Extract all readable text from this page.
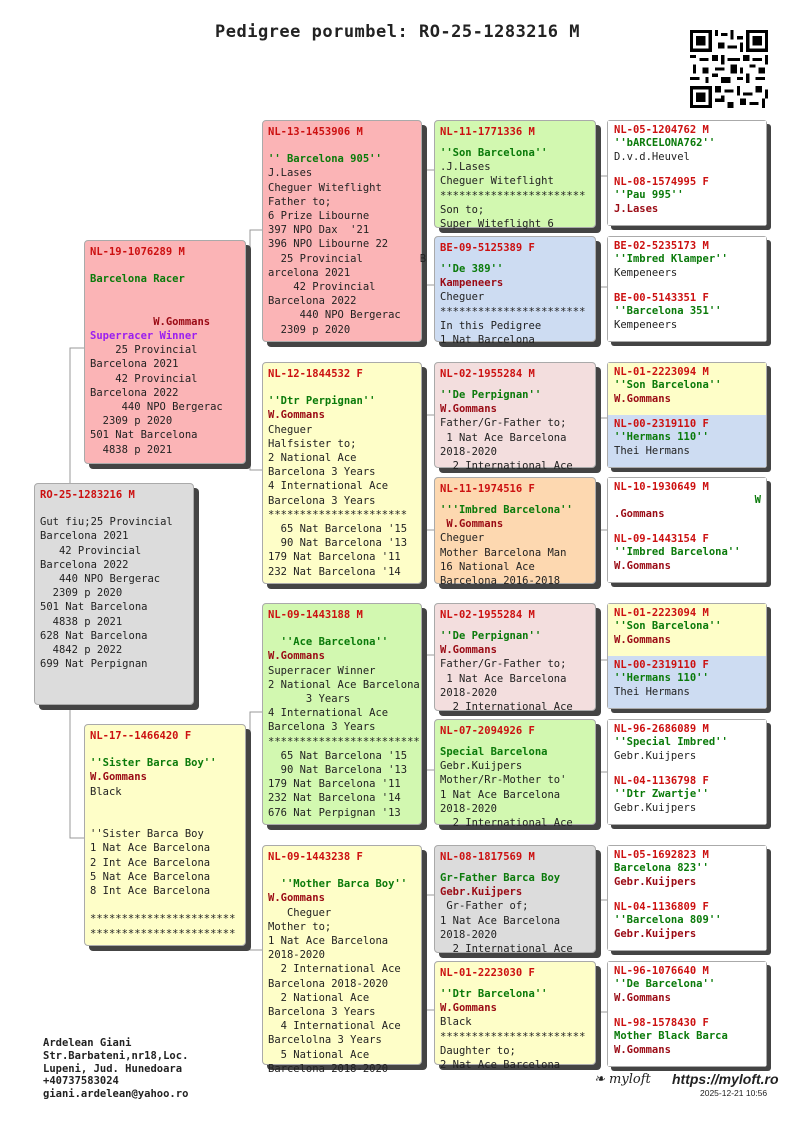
Pedigree porumbel: RO-25-1283216 M
RO-25-1283216 M

Gut fiu;25 Provincial
Barcelona 2021
42 Provincial
Barcelona 2022
440 NPO Bergerac
2309 p 2020
501 Nat Barcelona
4838 p 2021
628 Nat Barcelona
4842 p 2022
699 Nat Perpignan
NL-19-1076289 M

Barcelona Racer

W.Gommans
Superracer Winner
25 Provincial
Barcelona 2021
42 Provincial
Barcelona 2022
440 NPO Bergerac
2309 p 2020
501 Nat Barcelona
4838 p 2021
NL-17--1466420 F

''Sister Barca Boy''
W.Gommans
Black

''Sister Barca Boy
1 Nat Ace Barcelona
2 Int Ace Barcelona
5 Nat Ace Barcelona
8 Int Ace Barcelona

***********************
***********************
NL-13-1453906 M

'' Barcelona 905''
J.Lases
Cheguer Witeflight
Father to;
6 Prize Libourne
397 NPO Dax  '21
396 NPO Libourne 22
25 Provincial         B
arcelona 2021
42 Provincial
Barcelona 2022
440 NPO Bergerac
2309 p 2020
NL-12-1844532 F

''Dtr Perpignan''
W.Gommans
Cheguer
Halfsister to;
2 National Ace
Barcelona 3 Years
4 International Ace
Barcelona 3 Years
**********************
65 Nat Barcelona '15
90 Nat Barcelona '13
179 Nat Barcelona '11
232 Nat Barcelona '14
NL-09-1443188 M

''Ace Barcelona''
W.Gommans
Superracer Winner
2 National Ace Barcelona
3 Years
4 International Ace
Barcelona 3 Years
************************
65 Nat Barcelona '15
90 Nat Barcelona '13
179 Nat Barcelona '11
232 Nat Barcelona '14
676 Nat Perpignan '13
NL-09-1443238 F

''Mother Barca Boy''
W.Gommans
Cheguer
Mother to;
1 Nat Ace Barcelona
2018-2020
2 International Ace
Barcelona 2018-2020
2 National Ace
Barcelona 3 Years
4 International Ace
Barcelolna 3 Years
5 National Ace
Barcelona 2018-2020
NL-11-1771336 M

''Son Barcelona''
.J.Lases
Cheguer Witeflight
***********************
Son to;
Super Witeflight 6
BE-09-5125389 F

''De 389''
Kampeneers
Cheguer
***********************
In this Pedigree
1 Nat Barcelona
NL-02-1955284 M

''De Perpignan''
W.Gommans
Father/Gr-Father to;
1 Nat Ace Barcelona
2018-2020
2 International Ace
NL-11-1974516 F

'''Imbred Barcelona''
W.Gommans
Cheguer
Mother Barcelona Man
16 National Ace
Barcelona 2016-2018
NL-02-1955284 M

''De Perpignan''
W.Gommans
Father/Gr-Father to;
1 Nat Ace Barcelona
2018-2020
2 International Ace
NL-07-2094926 F

Special Barcelona
Gebr.Kuijpers
Mother/Rr-Mother to'
1 Nat Ace Barcelona
2018-2020
2 International Ace
NL-08-1817569 M

Gr-Father Barca Boy
Gebr.Kuijpers
Gr-Father of;
1 Nat Ace Barcelona
2018-2020
2 International Ace
NL-01-2223030 F

''Dtr Barcelona''
W.Gommans
Black
***********************
Daughter to;
2 Nat Ace Barcelona
NL-05-1204762 M
''bARCELONA762''
D.v.d.Heuvel
NL-08-1574995 F
''Pau 995''
J.Lases
BE-02-5235173 M
''Imbred Klamper''
Kempeneers
BE-00-5143351 F
''Barcelona 351''
Kempeneers
NL-01-2223094 M
''Son Barcelona''
W.Gommans
NL-00-2319110 F
''Hermans 110''
Thei Hermans
NL-10-1930649 M
W
.Gommans
NL-09-1443154 F
''Imbred Barcelona''
W.Gommans
NL-01-2223094 M
''Son Barcelona''
W.Gommans
NL-00-2319110 F
''Hermans 110''
Thei Hermans
NL-96-2686089 M
''Special Imbred''
Gebr.Kuijpers
NL-04-1136798 F
''Dtr Zwartje''
Gebr.Kuijpers
NL-05-1692823 M
Barcelona 823''
Gebr.Kuijpers
NL-04-1136809 F
''Barcelona 809''
Gebr.Kuijpers
NL-96-1076640 M
''De Barcelona''
W.Gommans
NL-98-1578430 F
Mother Black Barca
W.Gommans
Ardelean Giani
Str.Barbateni,nr18,Loc.
Lupeni, Jud. Hunedoara
+40737583024
giani.ardelean@yahoo.ro
❧ myloft https://myloft.ro
2025-12-21 10:56
